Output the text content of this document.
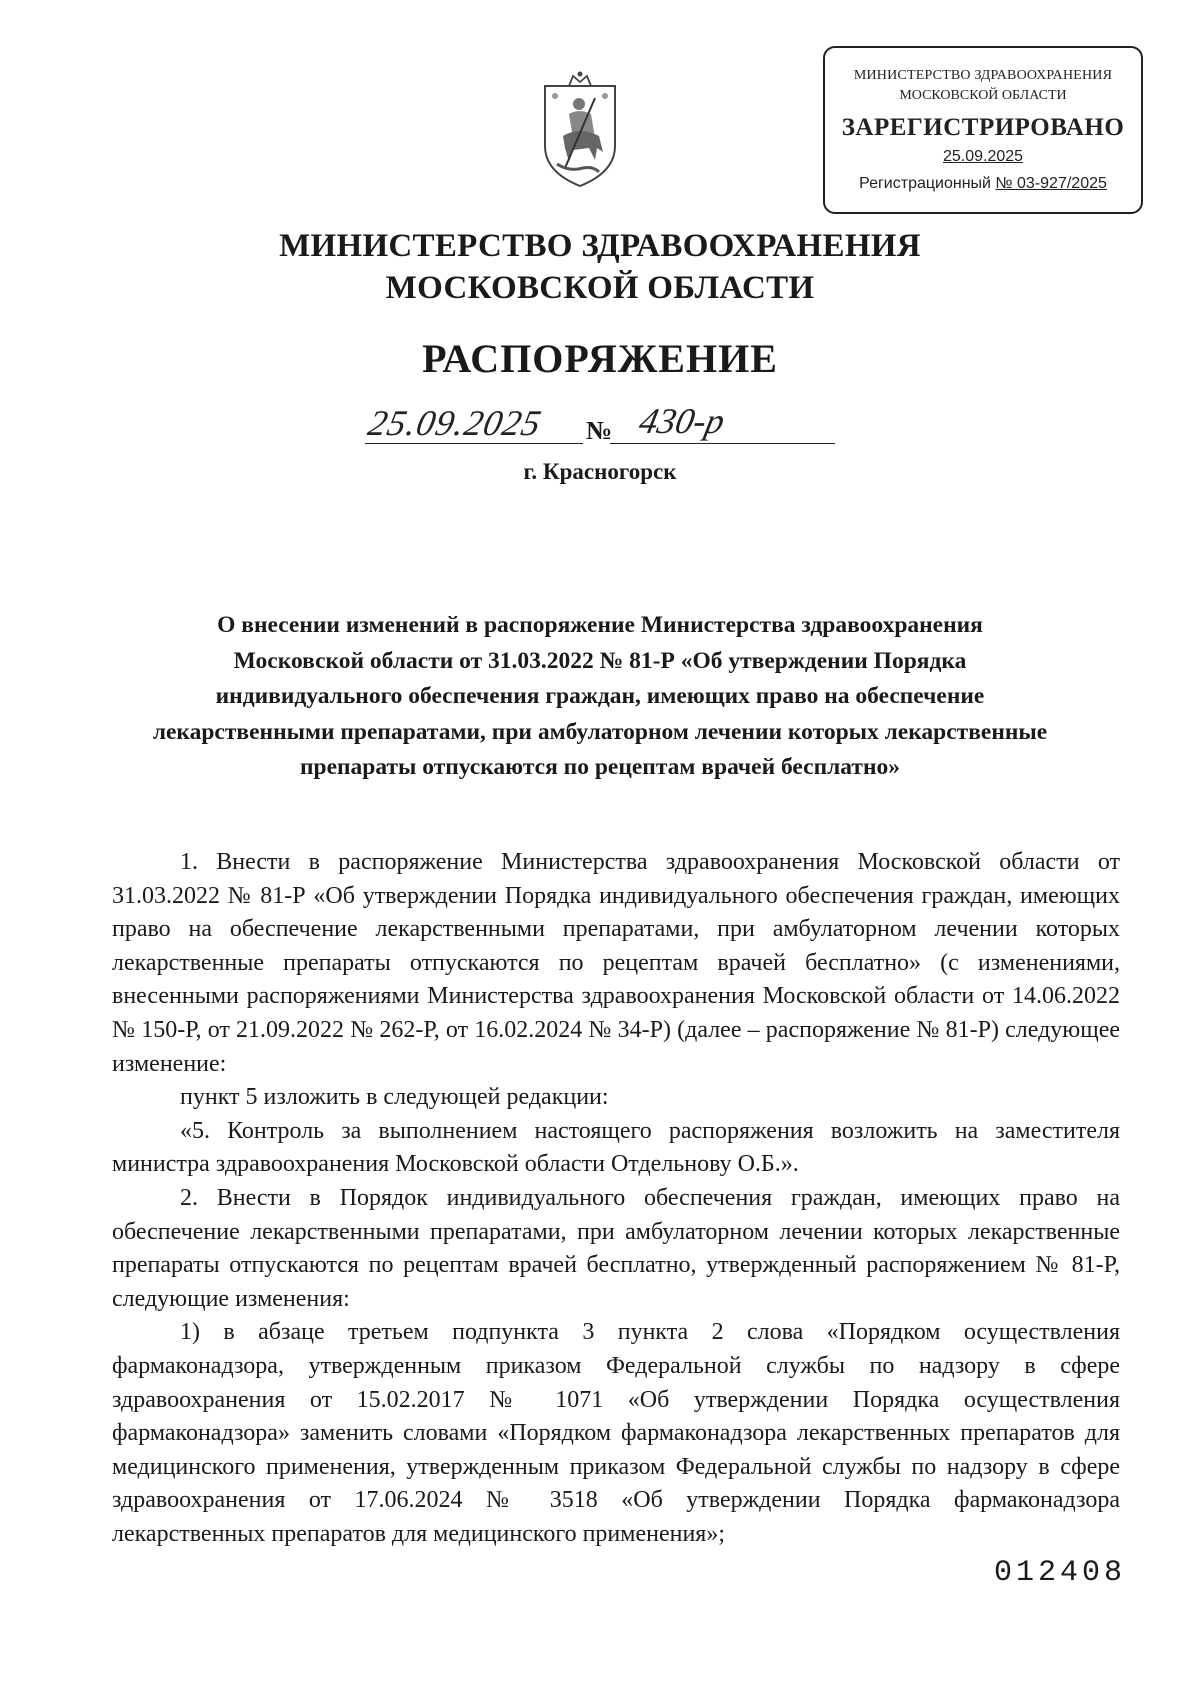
МИНИСТЕРСТВО ЗДРАВООХРАНЕНИЯ
МОСКОВСКОЙ ОБЛАСТИ
ЗАРЕГИСТРИРОВАНО
25.09.2025
Регистрационный № 03-927/2025
МИНИСТЕРСТВО ЗДРАВООХРАНЕНИЯ
МОСКОВСКОЙ ОБЛАСТИ
РАСПОРЯЖЕНИЕ
25.09.2025 № 430-р
г. Красногорск
О внесении изменений в распоряжение Министерства здравоохранения
Московской области от 31.03.2022 № 81-Р «Об утверждении Порядка
индивидуального обеспечения граждан, имеющих право на обеспечение
лекарственными препаратами, при амбулаторном лечении которых лекарственные
препараты отпускаются по рецептам врачей бесплатно»

1. Внести в распоряжение Министерства здравоохранения Московской области от 31.03.2022 № 81-Р «Об утверждении Порядка индивидуального обеспечения граждан, имеющих право на обеспечение лекарственными препаратами, при амбулаторном лечении которых лекарственные препараты отпускаются по рецептам врачей бесплатно» (с изменениями, внесенными распоряжениями Министерства здравоохранения Московской области от 14.06.2022 № 150-Р, от 21.09.2022 № 262-Р, от 16.02.2024 № 34-Р) (далее – распоряжение № 81-Р) следующее изменение:

пункт 5 изложить в следующей редакции:

«5. Контроль за выполнением настоящего распоряжения возложить на заместителя министра здравоохранения Московской области Отдельнову О.Б.».

2. Внести в Порядок индивидуального обеспечения граждан, имеющих право на обеспечение лекарственными препаратами, при амбулаторном лечении которых лекарственные препараты отпускаются по рецептам врачей бесплатно, утвержденный распоряжением № 81-Р, следующие изменения:

1) в абзаце третьем подпункта 3 пункта 2 слова «Порядком осуществления фармаконадзора, утвержденным приказом Федеральной службы по надзору в сфере здравоохранения от 15.02.2017 № 1071 «Об утверждении Порядка осуществления фармаконадзора» заменить словами «Порядком фармаконадзора лекарственных препаратов для медицинского применения, утвержденным приказом Федеральной службы по надзору в сфере здравоохранения от 17.06.2024 № 3518 «Об утверждении Порядка фармаконадзора лекарственных препаратов для медицинского применения»;

012408
